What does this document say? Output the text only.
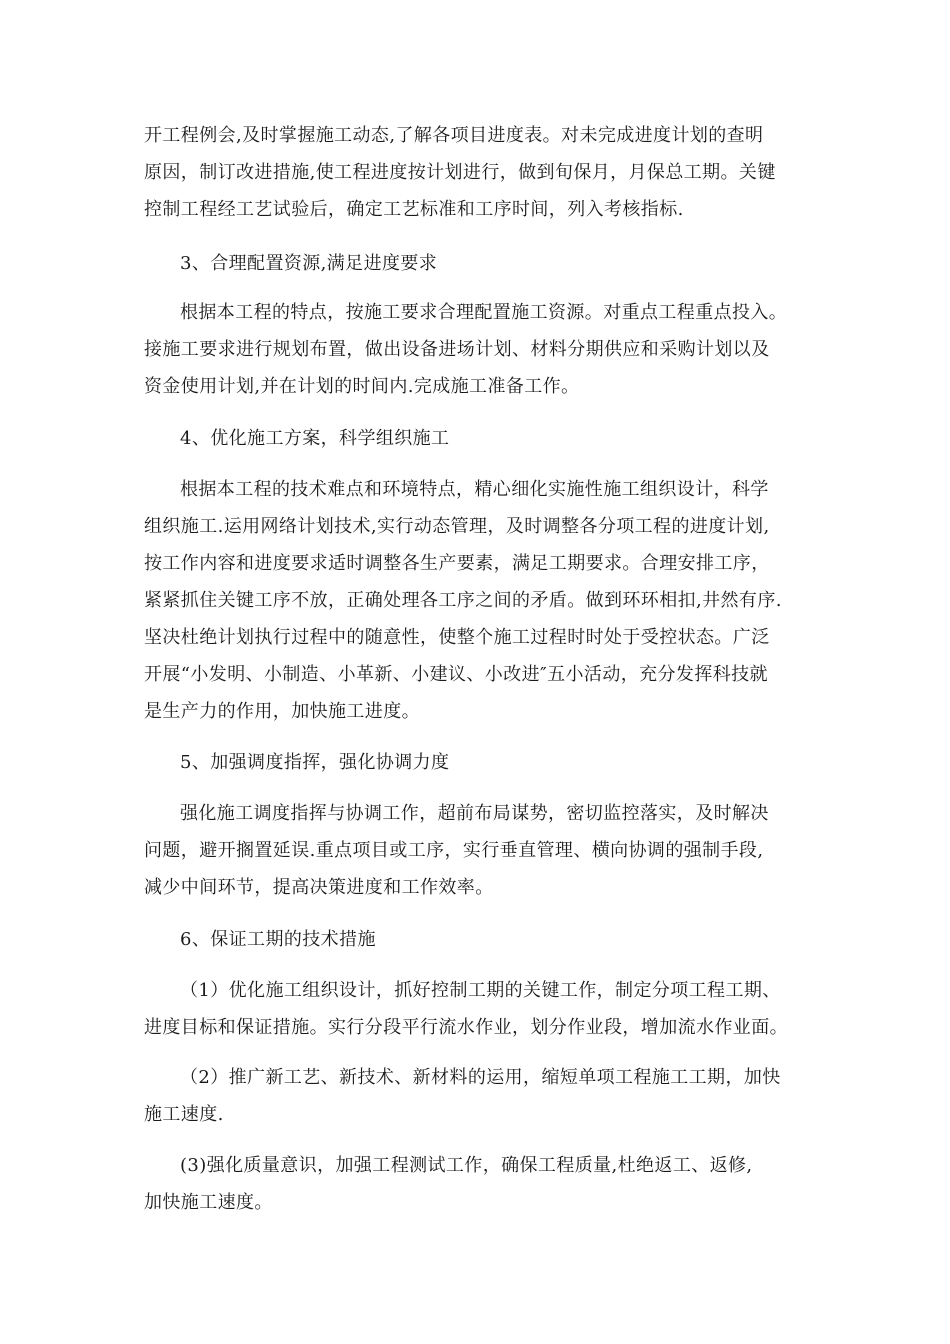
开工程例会,及时掌握施工动态,了解各项目进度表。对未完成进度计划的查明
原因，制订改进措施,使工程进度按计划进行，做到旬保月，月保总工期。关键
控制工程经工艺试验后，确定工艺标准和工序时间，列入考核指标.
3、合理配置资源,满足进度要求
根据本工程的特点，按施工要求合理配置施工资源。对重点工程重点投入。
接施工要求进行规划布置，做出设备进场计划、材料分期供应和采购计划以及
资金使用计划,并在计划的时间内.完成施工准备工作。
4、优化施工方案，科学组织施工
根据本工程的技术难点和环境特点，精心细化实施性施工组织设计，科学
组织施工.运用网络计划技术,实行动态管理，及时调整各分项工程的进度计划,
按工作内容和进度要求适时调整各生产要素，满足工期要求。合理安排工序，
紧紧抓住关键工序不放，正确处理各工序之间的矛盾。做到环环相扣,井然有序.
坚决杜绝计划执行过程中的随意性，使整个施工过程时时处于受控状态。广泛
开展“小发明、小制造、小革新、小建议、小改进″五小活动，充分发挥科技就
是生产力的作用，加快施工进度。
5、加强调度指挥，强化协调力度
强化施工调度指挥与协调工作，超前布局谋势，密切监控落实，及时解决
问题，避开搁置延误.重点项目或工序，实行垂直管理、横向协调的强制手段,
减少中间环节，提高决策进度和工作效率。
6、保证工期的技术措施
（1）优化施工组织设计，抓好控制工期的关键工作，制定分项工程工期、
进度目标和保证措施。实行分段平行流水作业，划分作业段，增加流水作业面。
（2）推广新工艺、新技术、新材料的运用，缩短单项工程施工工期，加快
施工速度.
(3)强化质量意识，加强工程测试工作，确保工程质量,杜绝返工、返修,
加快施工速度。
